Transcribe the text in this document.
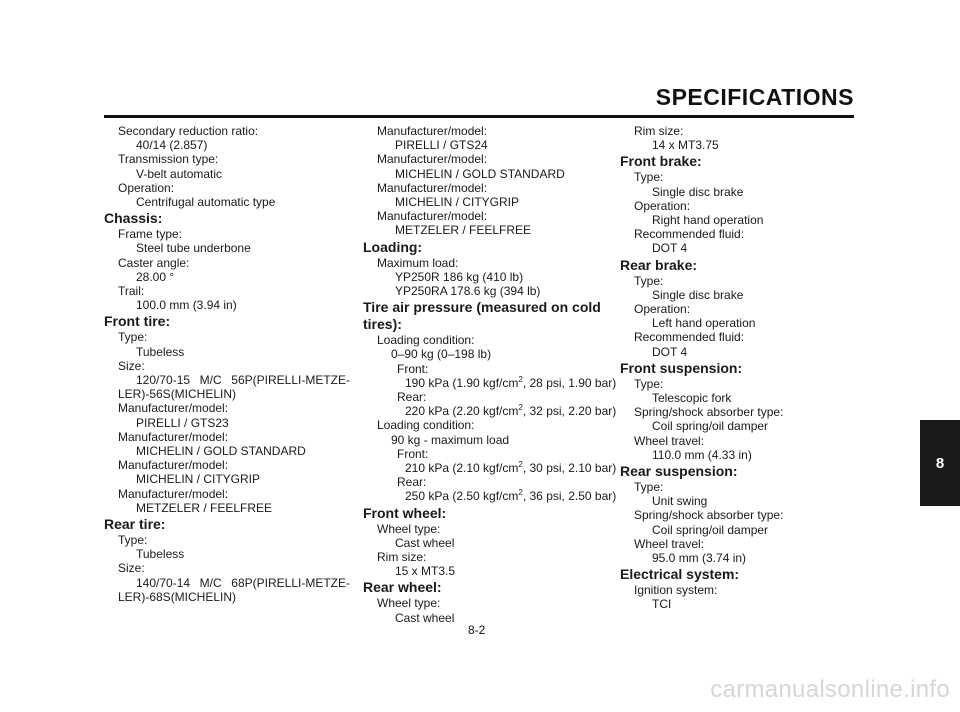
SPECIFICATIONS
Secondary reduction ratio:
40/14 (2.857)
Transmission type:
V-belt automatic
Operation:
Centrifugal automatic type
Chassis:
Frame type:
Steel tube underbone
Caster angle:
28.00 °
Trail:
100.0 mm (3.94 in)
Front tire:
Type:
Tubeless
Size:
120/70-15 M/C 56P(PIRELLI-METZE-
LER)-56S(MICHELIN)
Manufacturer/model:
PIRELLI / GTS23
Manufacturer/model:
MICHELIN / GOLD STANDARD
Manufacturer/model:
MICHELIN / CITYGRIP
Manufacturer/model:
METZELER / FEELFREE
Rear tire:
Type:
Tubeless
Size:
140/70-14 M/C 68P(PIRELLI-METZE-
LER)-68S(MICHELIN)
Manufacturer/model:
PIRELLI / GTS24
Manufacturer/model:
MICHELIN / GOLD STANDARD
Manufacturer/model:
MICHELIN / CITYGRIP
Manufacturer/model:
METZELER / FEELFREE
Loading:
Maximum load:
YP250R 186 kg (410 lb)
YP250RA 178.6 kg (394 lb)
Tire air pressure (measured on cold tires):
Loading condition:
0–90 kg (0–198 lb)
Front:
190 kPa (1.90 kgf/$cm^2$, 28 psi, 1.90 bar)
Rear:
220 kPa (2.20 kgf/$cm^2$, 32 psi, 2.20 bar)
Loading condition:
90 kg - maximum load
Front:
210 kPa (2.10 kgf/$cm^2$, 30 psi, 2.10 bar)
Rear:
250 kPa (2.50 kgf/$cm^2$, 36 psi, 2.50 bar)
Front wheel:
Wheel type:
Cast wheel
Rim size:
15 x MT3.5
Rear wheel:
Wheel type:
Cast wheel
Rim size:
14 x MT3.75
Front brake:
Type:
Single disc brake
Operation:
Right hand operation
Recommended fluid:
DOT 4
Rear brake:
Type:
Single disc brake
Operation:
Left hand operation
Recommended fluid:
DOT 4
Front suspension:
Type:
Telescopic fork
Spring/shock absorber type:
Coil spring/oil damper
Wheel travel:
110.0 mm (4.33 in)
Rear suspension:
Type:
Unit swing
Spring/shock absorber type:
Coil spring/oil damper
Wheel travel:
95.0 mm (3.74 in)
Electrical system:
Ignition system:
TCI
8
8-2
carmanualsonline.info
